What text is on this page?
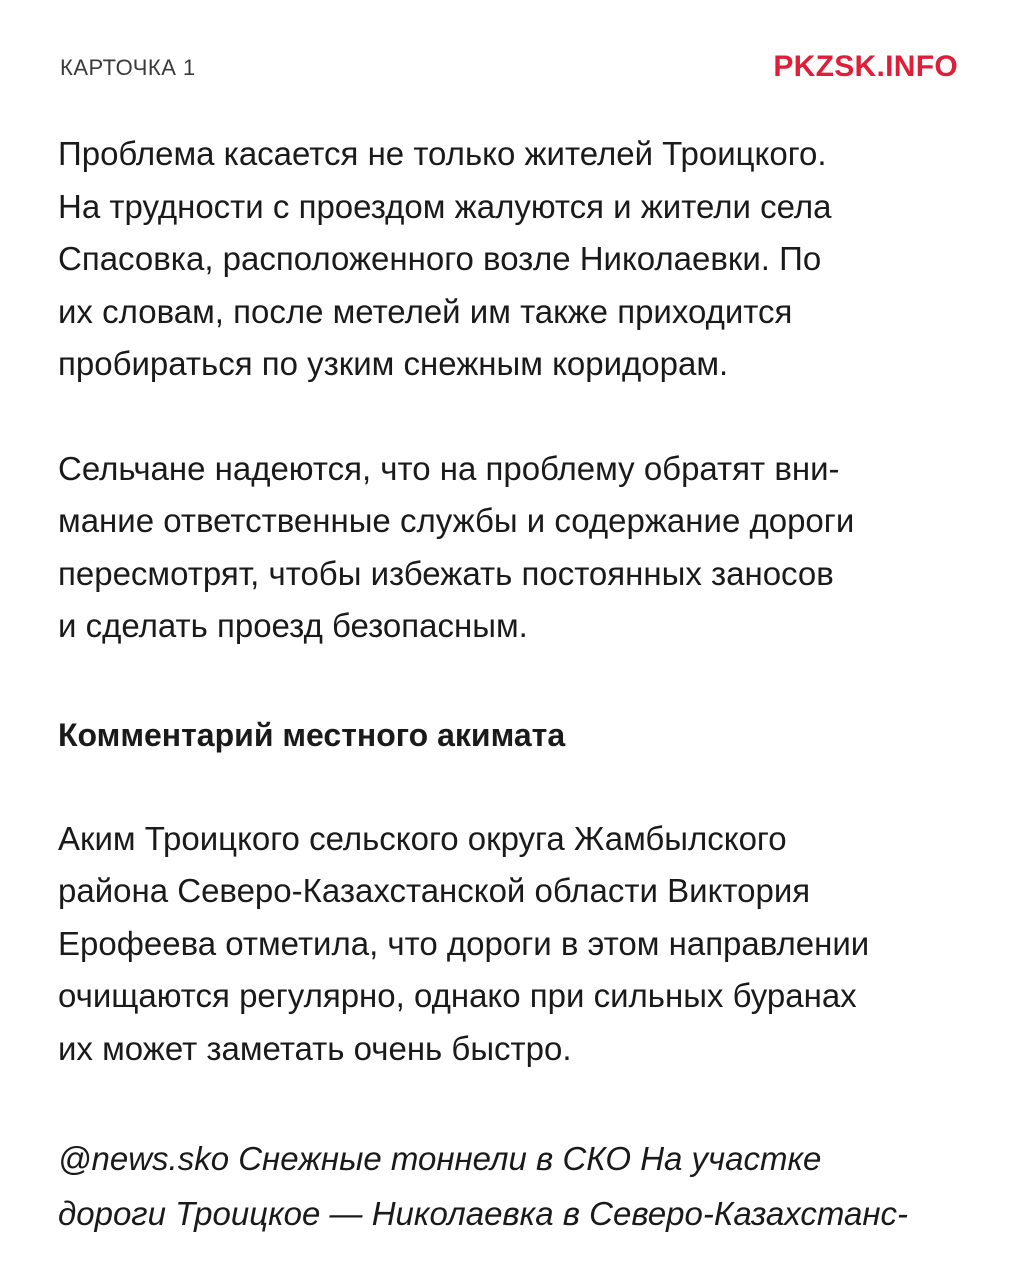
КАРТОЧКА 1	PKZSK.INFO

Проблема касается не только жителей Троицкого.
На трудности с проездом жалуются и жители села
Спасовка, расположенного возле Николаевки. По
их словам, после метелей им также приходится
пробираться по узким снежным коридорам.

Сельчане надеются, что на проблему обратят вни-
мание ответственные службы и содержание дороги
пересмотрят, чтобы избежать постоянных заносов
и сделать проезд безопасным.

Комментарий местного акимата

Аким Троицкого сельского округа Жамбылского
района Северо-Казахстанской области Виктория
Ерофеева отметила, что дороги в этом направлении
очищаются регулярно, однако при сильных буранах
их может заметать очень быстро.

@news.sko Снежные тоннели в СКО На участке
дороги Троицкое — Николаевка в Северо-Казахстанс-
